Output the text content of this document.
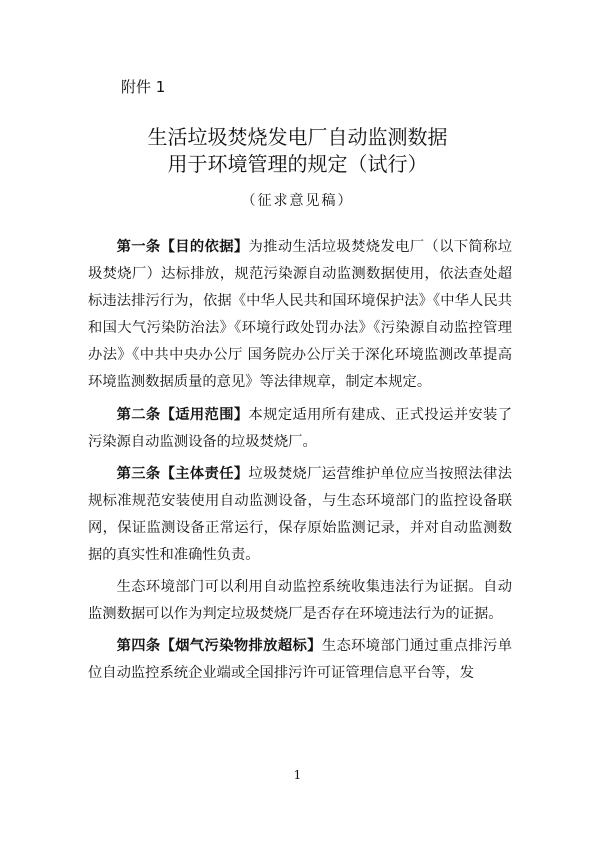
附件 1
生活垃圾焚烧发电厂自动监测数据
用于环境管理的规定（试行）
（征求意见稿）

第一条【目的依据】为推动生活垃圾焚烧发电厂（以下简称垃圾焚烧厂）达标排放，规范污染源自动监测数据使用，依法查处超标违法排污行为，依据《中华人民共和国环境保护法》《中华人民共和国大气污染防治法》《环境行政处罚办法》《污染源自动监控管理办法》《中共中央办公厅 国务院办公厅关于深化环境监测改革提高环境监测数据质量的意见》等法律规章，制定本规定。

第二条【适用范围】本规定适用所有建成、正式投运并安装了污染源自动监测设备的垃圾焚烧厂。

第三条【主体责任】垃圾焚烧厂运营维护单位应当按照法律法规标准规范安装使用自动监测设备，与生态环境部门的监控设备联网，保证监测设备正常运行，保存原始监测记录，并对自动监测数据的真实性和准确性负责。

生态环境部门可以利用自动监控系统收集违法行为证据。自动监测数据可以作为判定垃圾焚烧厂是否存在环境违法行为的证据。

第四条【烟气污染物排放超标】生态环境部门通过重点排污单位自动监控系统企业端或全国排污许可证管理信息平台等，发

1
